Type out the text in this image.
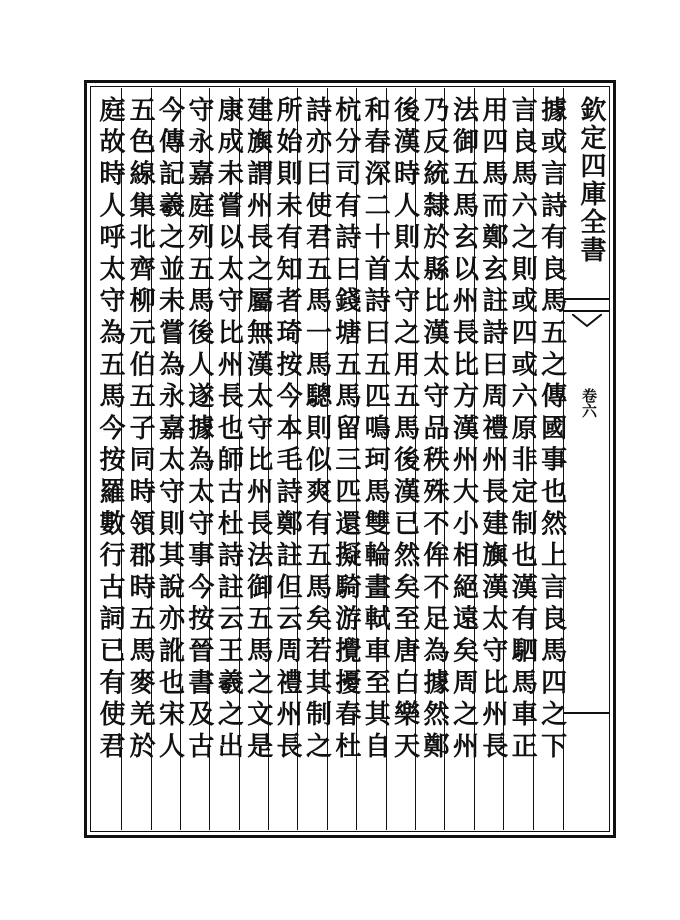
據或言詩有良馬五之傳國事也然上言良馬四之下
言良馬六之則或四或六原非定制也漢有駟馬車正
用四馬而鄭玄註詩曰周禮州長建旟漢太守比州長
法御五馬玄以州長比方漢州大小相絕遠矣周之州
乃反統隸於縣比漢太守品秩殊不侔不足為據然鄭
後漢時人則太守之用五馬後漢已然矣至唐白樂天
和春深二十首詩曰五匹鳴珂馬雙輪畫軾車至其自
杭分司有詩曰錢塘五馬留三匹還擬騎游攪擾春杜
詩亦曰使君五馬一馬驄則似爽有五馬矣若其制之
所始則未有知者琦按今本毛詩鄭註但云周禮州長
建旟謂州長之屬無漢太守比州長法御五馬之文是
康成未嘗以太守比州長也師古杜詩註云王羲之出
守永嘉庭列五馬後人遂據為太守事今按晉書及古
今傳記羲之並未嘗為永嘉太守則其說亦訛也宋人
五色線集北齊柳元伯五子同時領郡時五馬麥羌於
庭故時人呼太守為五馬今按羅數行古詞已有使君	欽定四庫全書
卷六
